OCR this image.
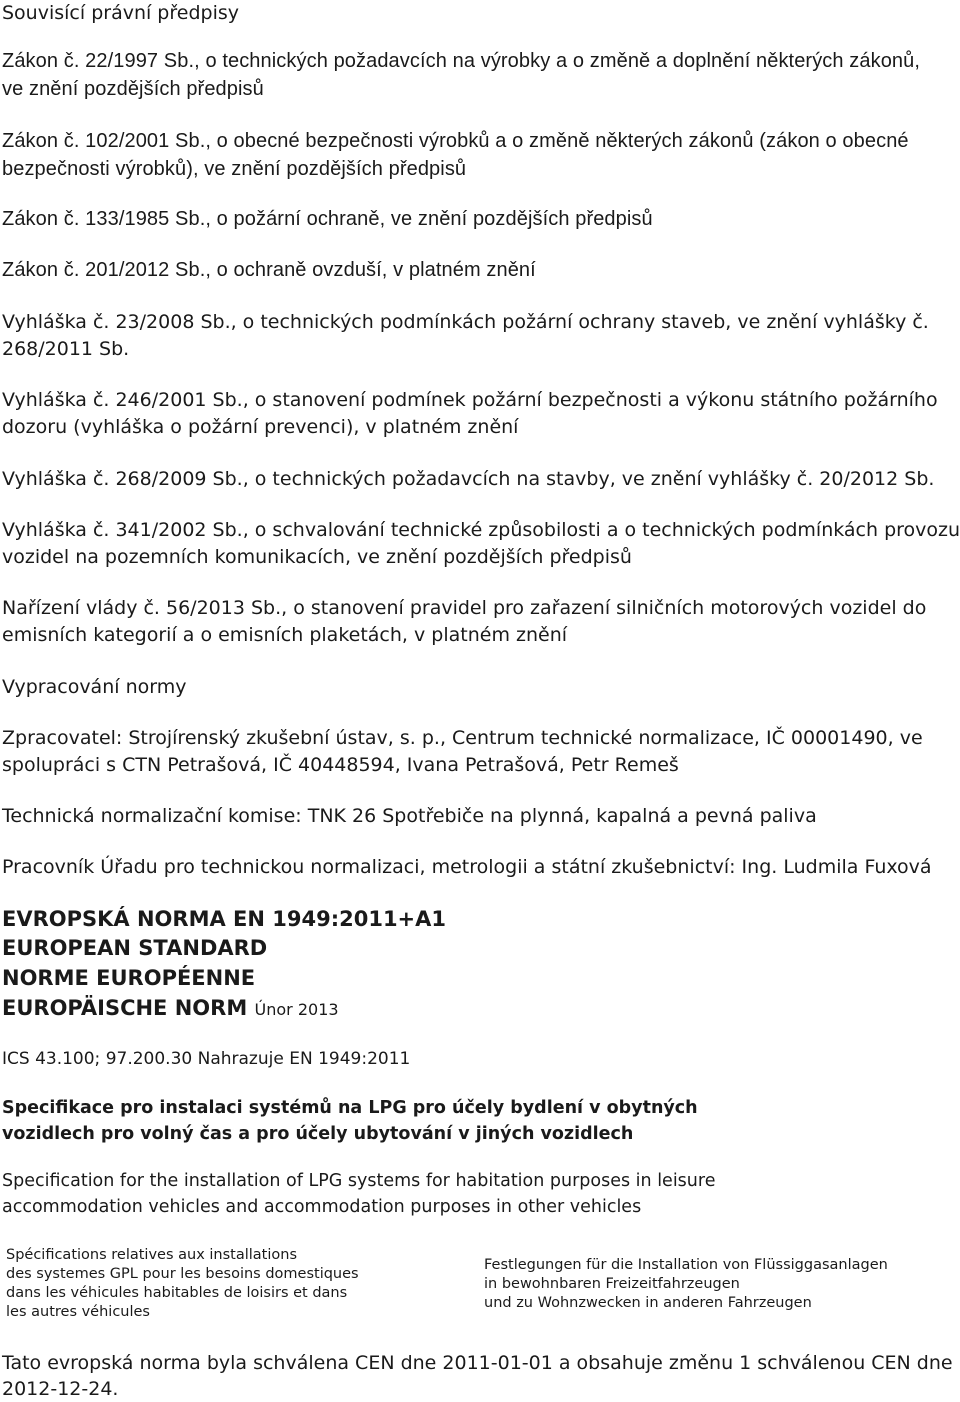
Souvisící právní předpisy
Zákon č. 22/1997 Sb., o technických požadavcích na výrobky a o změně a doplnění některých zákonů,
ve znění pozdějších předpisů
Zákon č. 102/2001 Sb., o obecné bezpečnosti výrobků a o změně některých zákonů (zákon o obecné
bezpečnosti výrobků), ve znění pozdějších předpisů
Zákon č. 133/1985 Sb., o požární ochraně, ve znění pozdějších předpisů
Zákon č. 201/2012 Sb., o ochraně ovzduší, v platném znění
Vyhláška č. 23/2008 Sb., o technických podmínkách požární ochrany staveb, ve znění vyhlášky č.
268/2011 Sb.
Vyhláška č. 246/2001 Sb., o stanovení podmínek požární bezpečnosti a výkonu státního požárního
dozoru (vyhláška o požární prevenci), v platném znění
Vyhláška č. 268/2009 Sb., o technických požadavcích na stavby, ve znění vyhlášky č. 20/2012 Sb.
Vyhláška č. 341/2002 Sb., o schvalování technické způsobilosti a o technických podmínkách provozu
vozidel na pozemních komunikacích, ve znění pozdějších předpisů
Nařízení vlády č. 56/2013 Sb., o stanovení pravidel pro zařazení silničních motorových vozidel do
emisních kategorií a o emisních plaketách, v platném znění
Vypracování normy
Zpracovatel: Strojírenský zkušební ústav, s. p., Centrum technické normalizace, IČ 00001490, ve
spolupráci s CTN Petrašová, IČ 40448594, Ivana Petrašová, Petr Remeš
Technická normalizační komise: TNK 26 Spotřebiče na plynná, kapalná a pevná paliva
Pracovník Úřadu pro technickou normalizaci, metrologii a státní zkušebnictví: Ing. Ludmila Fuxová
EVROPSKÁ NORMA EN 1949:2011+A1
EUROPEAN STANDARD
NORME EUROPÉENNE
EUROPÄISCHE NORM Únor 2013
ICS 43.100; 97.200.30 Nahrazuje EN 1949:2011
Specifikace pro instalaci systémů na LPG pro účely bydlení v obytných
vozidlech pro volný čas a pro účely ubytování v jiných vozidlech
Specification for the installation of LPG systems for habitation purposes in leisure
accommodation vehicles and accommodation purposes in other vehicles
Spécifications relatives aux installations
des systemes GPL pour les besoins domestiques
dans les véhicules habitables de loisirs et dans
les autres véhicules
Festlegungen für die Installation von Flüssiggasanlagen
in bewohnbaren Freizeitfahrzeugen
und zu Wohnzwecken in anderen Fahrzeugen
Tato evropská norma byla schválena CEN dne 2011-01-01 a obsahuje změnu 1 schválenou CEN dne
2012-12-24.
